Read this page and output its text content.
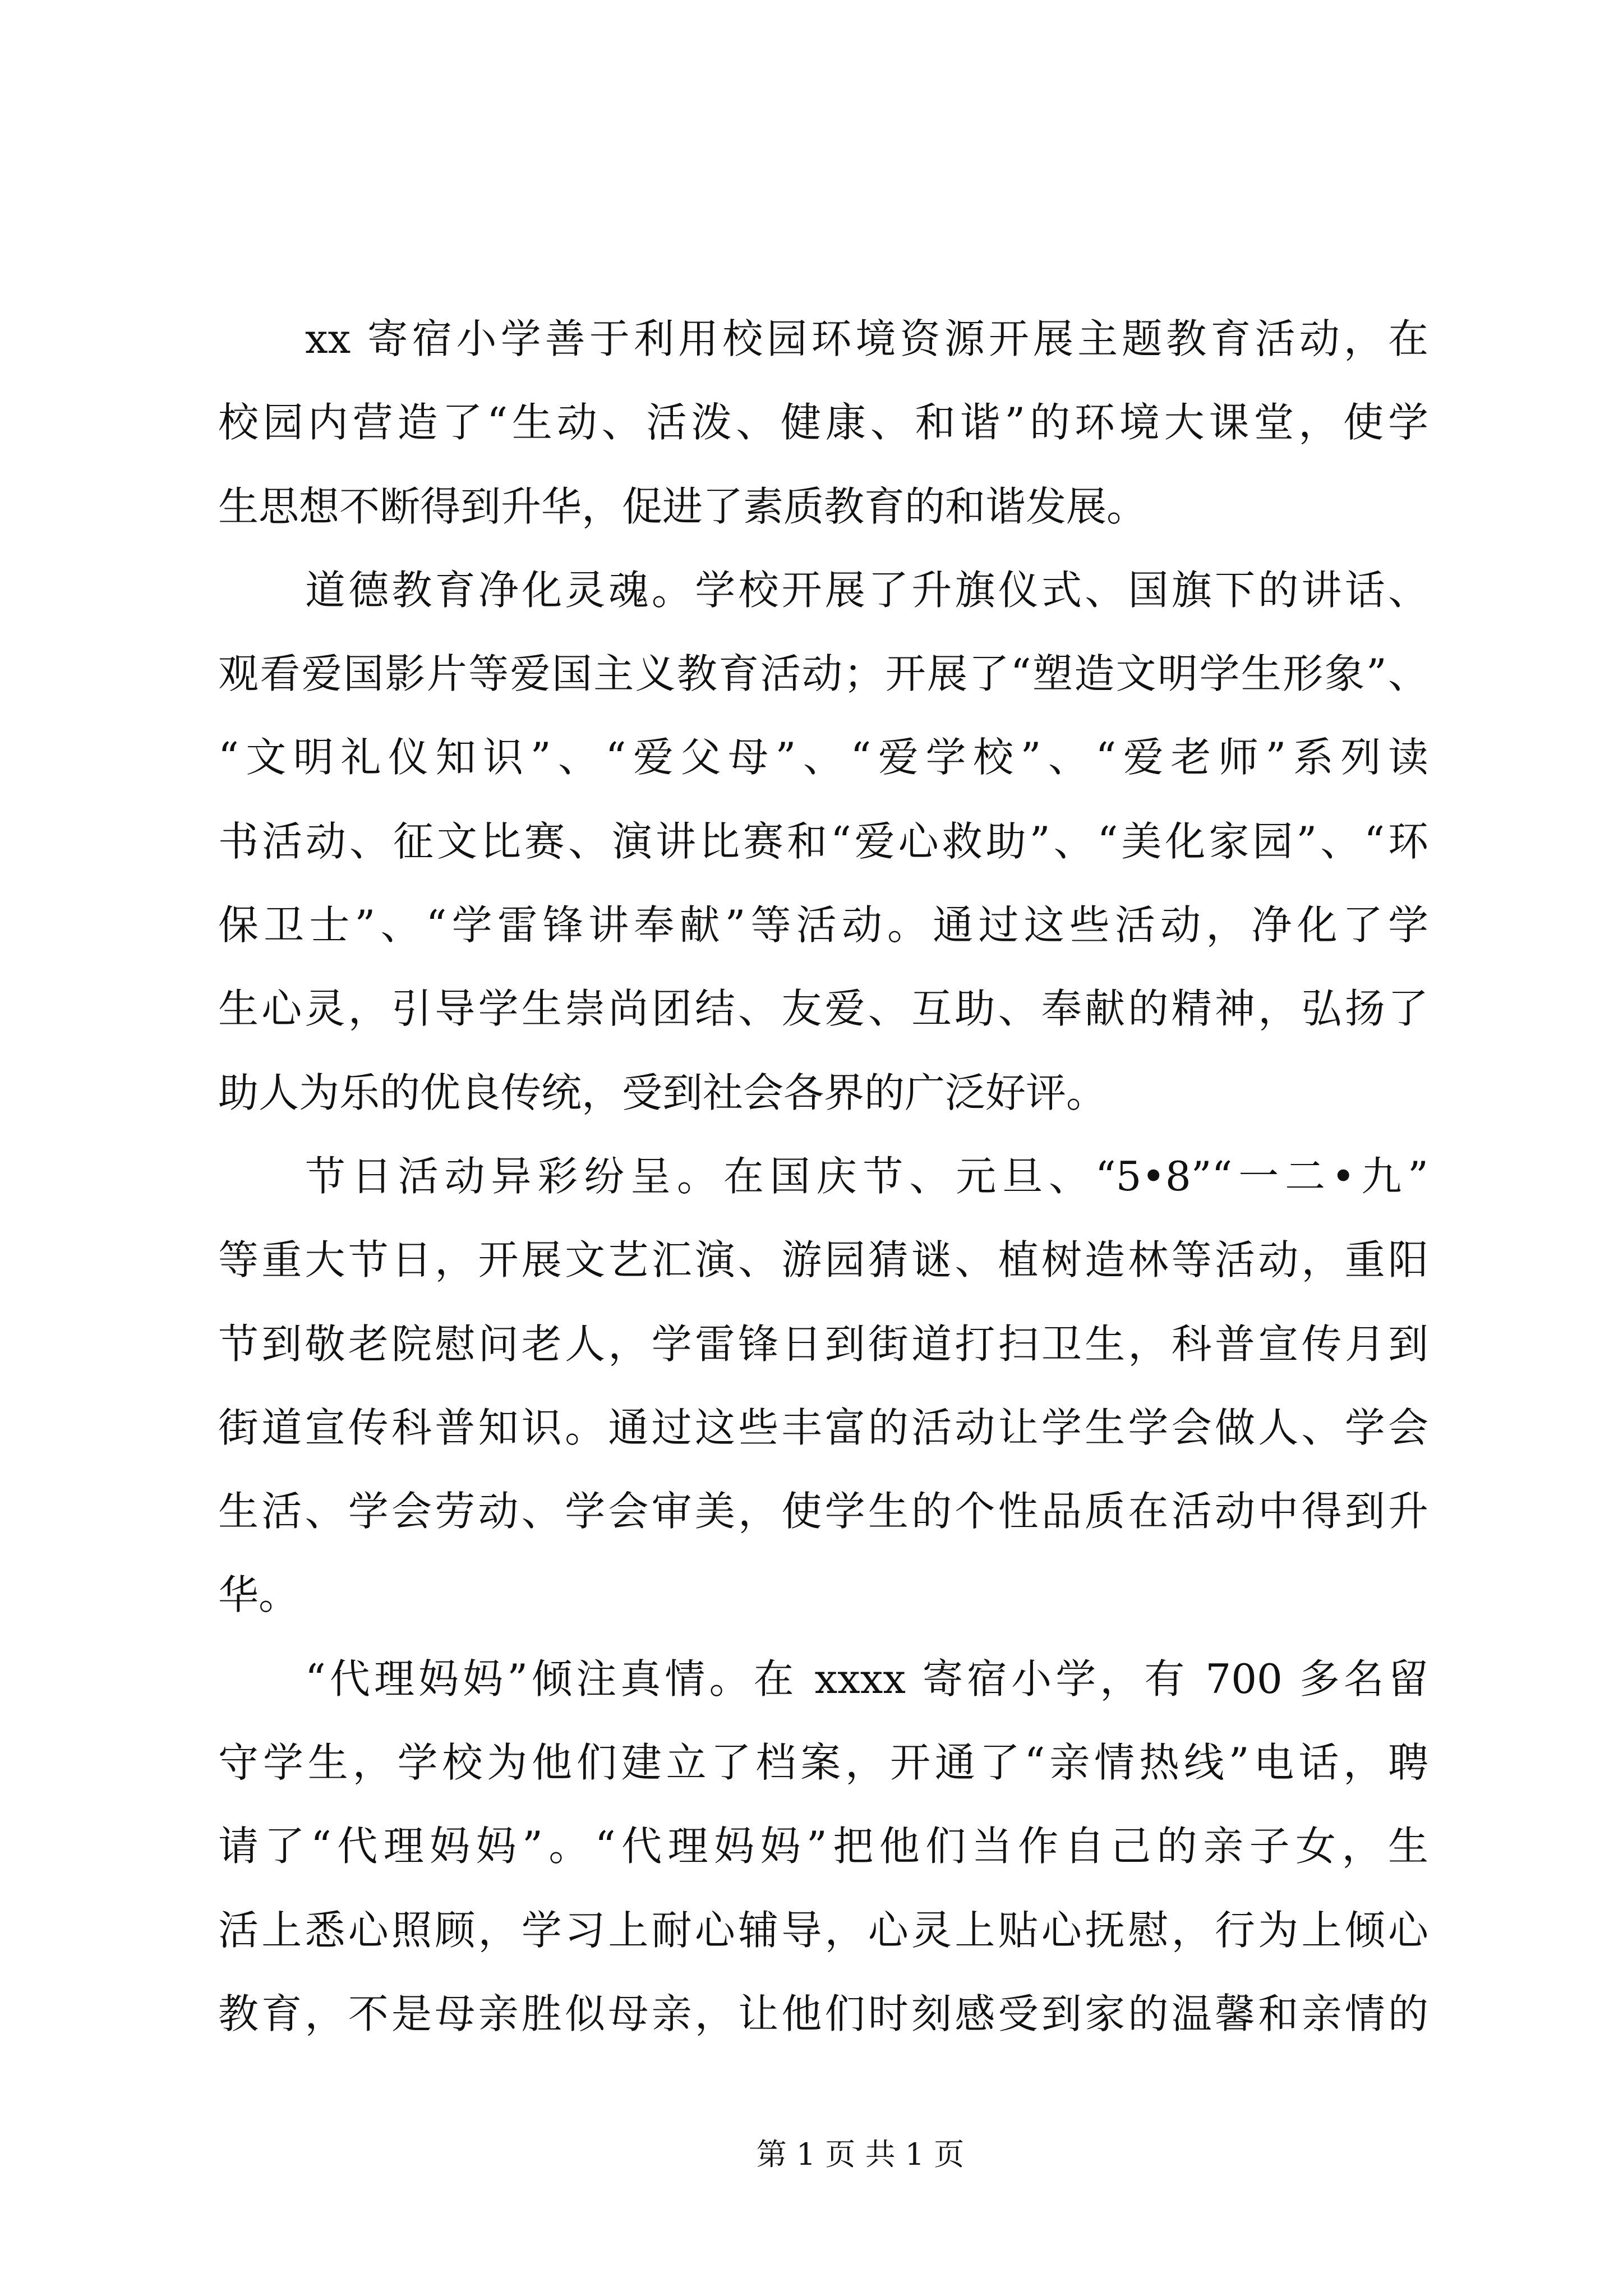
xx 寄宿小学善于利用校园环境资源开展主题教育活动，在
校园内营造了“生动、活泼、健康、和谐”的环境大课堂，使学
生思想不断得到升华，促进了素质教育的和谐发展。
道德教育净化灵魂。学校开展了升旗仪式、国旗下的讲话、
观看爱国影片等爱国主义教育活动；开展了“塑造文明学生形象”、
“文明礼仪知识”、“爱父母”、“爱学校”、“爱老师”系列读
书活动、征文比赛、演讲比赛和“爱心救助”、“美化家园”、“环
保卫士”、“学雷锋讲奉献”等活动。通过这些活动，净化了学
生心灵，引导学生崇尚团结、友爱、互助、奉献的精神，弘扬了
助人为乐的优良传统，受到社会各界的广泛好评。
节日活动异彩纷呈。在国庆节、元旦、“5•8”“一二•九”
等重大节日，开展文艺汇演、游园猜谜、植树造林等活动，重阳
节到敬老院慰问老人，学雷锋日到街道打扫卫生，科普宣传月到
街道宣传科普知识。通过这些丰富的活动让学生学会做人、学会
生活、学会劳动、学会审美，使学生的个性品质在活动中得到升
华。
“代理妈妈”倾注真情。在 xxxx 寄宿小学，有 700 多名留
守学生，学校为他们建立了档案，开通了“亲情热线”电话，聘
请了“代理妈妈”。“代理妈妈”把他们当作自己的亲子女，生
活上悉心照顾，学习上耐心辅导，心灵上贴心抚慰，行为上倾心
教育，不是母亲胜似母亲，让他们时刻感受到家的温馨和亲情的
第 1 页 共 1 页
